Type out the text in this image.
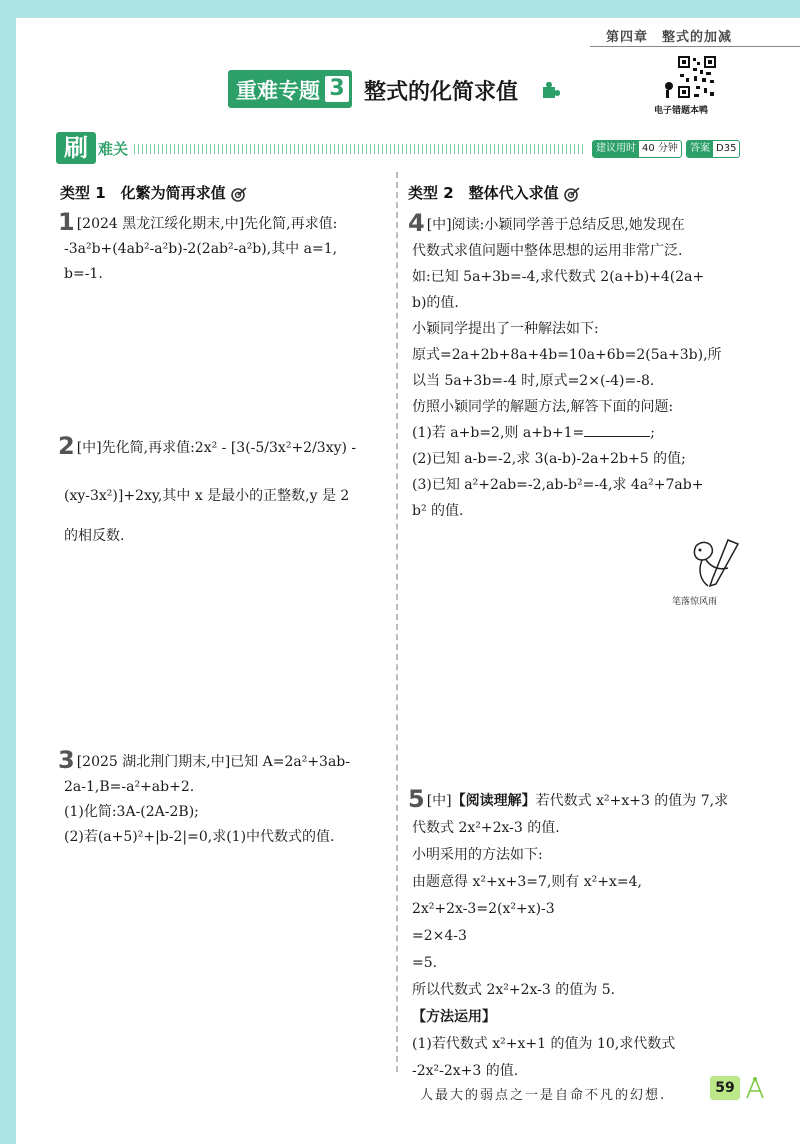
第四章　整式的加减
电子错题本鸭
重难专题 3 整式的化简求值
刷 难关	建议用时 40 分钟	答案 D35
类型 1　化繁为简再求值	类型 2　整体代入求值

1 [2024 黑龙江绥化期末,中]先化简,再求值:

-3a²b+(4ab²-a²b)-2(2ab²-a²b),其中 a=1,

b=-1.

2 [中]先化简,再求值:2x² - [3(-5/3x²+2/3xy) -

(xy-3x²)]+2xy,其中 x 是最小的正整数,y 是 2

的相反数.

3 [2025 湖北荆门期末,中]已知 A=2a²+3ab-

2a-1,B=-a²+ab+2.

(1)化简:3A-(2A-2B);

(2)若(a+5)²+|b-2|=0,求(1)中代数式的值.

4 [中]阅读:小颖同学善于总结反思,她发现在

代数式求值问题中整体思想的运用非常广泛.

如:已知 5a+3b=-4,求代数式 2(a+b)+4(2a+

b)的值.

小颖同学提出了一种解法如下:

原式=2a+2b+8a+4b=10a+6b=2(5a+3b),所

以当 5a+3b=-4 时,原式=2×(-4)=-8.

仿照小颖同学的解题方法,解答下面的问题:

(1)若 a+b=2,则 a+b+1=	;

(2)已知 a-b=-2,求 3(a-b)-2a+2b+5 的值;

(3)已知 a²+2ab=-2,ab-b²=-4,求 4a²+7ab+

b² 的值.

笔落惊风雨

5 [中]【阅读理解】若代数式 x²+x+3 的值为 7,求

代数式 2x²+2x-3 的值.

小明采用的方法如下:

由题意得 x²+x+3=7,则有 x²+x=4,

2x²+2x-3=2(x²+x)-3

=2×4-3

=5.

所以代数式 2x²+2x-3 的值为 5.

【方法运用】

(1)若代数式 x²+x+1 的值为 10,求代数式

-2x²-2x+3 的值.

人最大的弱点之一是自命不凡的幻想.	59
